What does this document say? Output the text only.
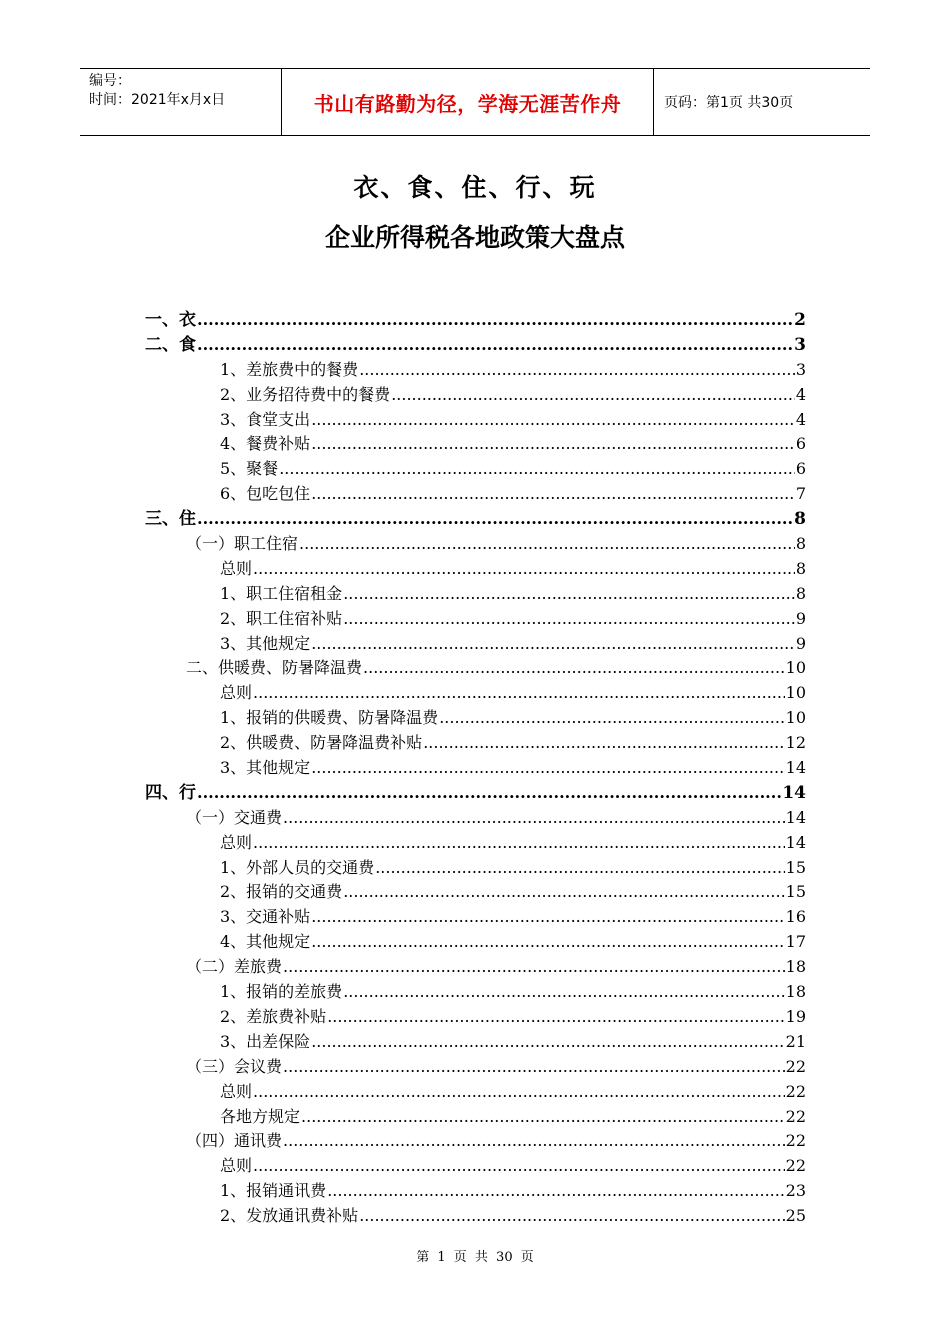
编号：
时间：2021年x月x日	书山有路勤为径，学海无涯苦作舟	页码：第1页 共30页
衣、食、住、行、玩
企业所得税各地政策大盘点
一、衣 .....	2
二、食 .....	3
1、差旅费中的餐费 .....	3
2、业务招待费中的餐费 .....	4
3、食堂支出 .....	4
4、餐费补贴 .....	6
5、聚餐 .....	6
6、包吃包住 .....	7
三、住 .....	8
（一）职工住宿 .....	8
总则 .....	8
1、职工住宿租金 .....	8
2、职工住宿补贴 .....	9
3、其他规定 .....	9
二、供暖费、防暑降温费 .....	10
总则 .....	10
1、报销的供暖费、防暑降温费 .....	10
2、供暖费、防暑降温费补贴 .....	12
3、其他规定 .....	14
四、行 .....	14
（一）交通费 .....	14
总则 .....	14
1、外部人员的交通费 .....	15
2、报销的交通费 .....	15
3、交通补贴 .....	16
4、其他规定 .....	17
（二）差旅费 .....	18
1、报销的差旅费 .....	18
2、差旅费补贴 .....	19
3、出差保险 .....	21
（三）会议费 .....	22
总则 .....	22
各地方规定 .....	22
（四）通讯费 .....	22
总则 .....	22
1、报销通讯费 .....	23
2、发放通讯费补贴 .....	25
第 1 页 共 30 页
